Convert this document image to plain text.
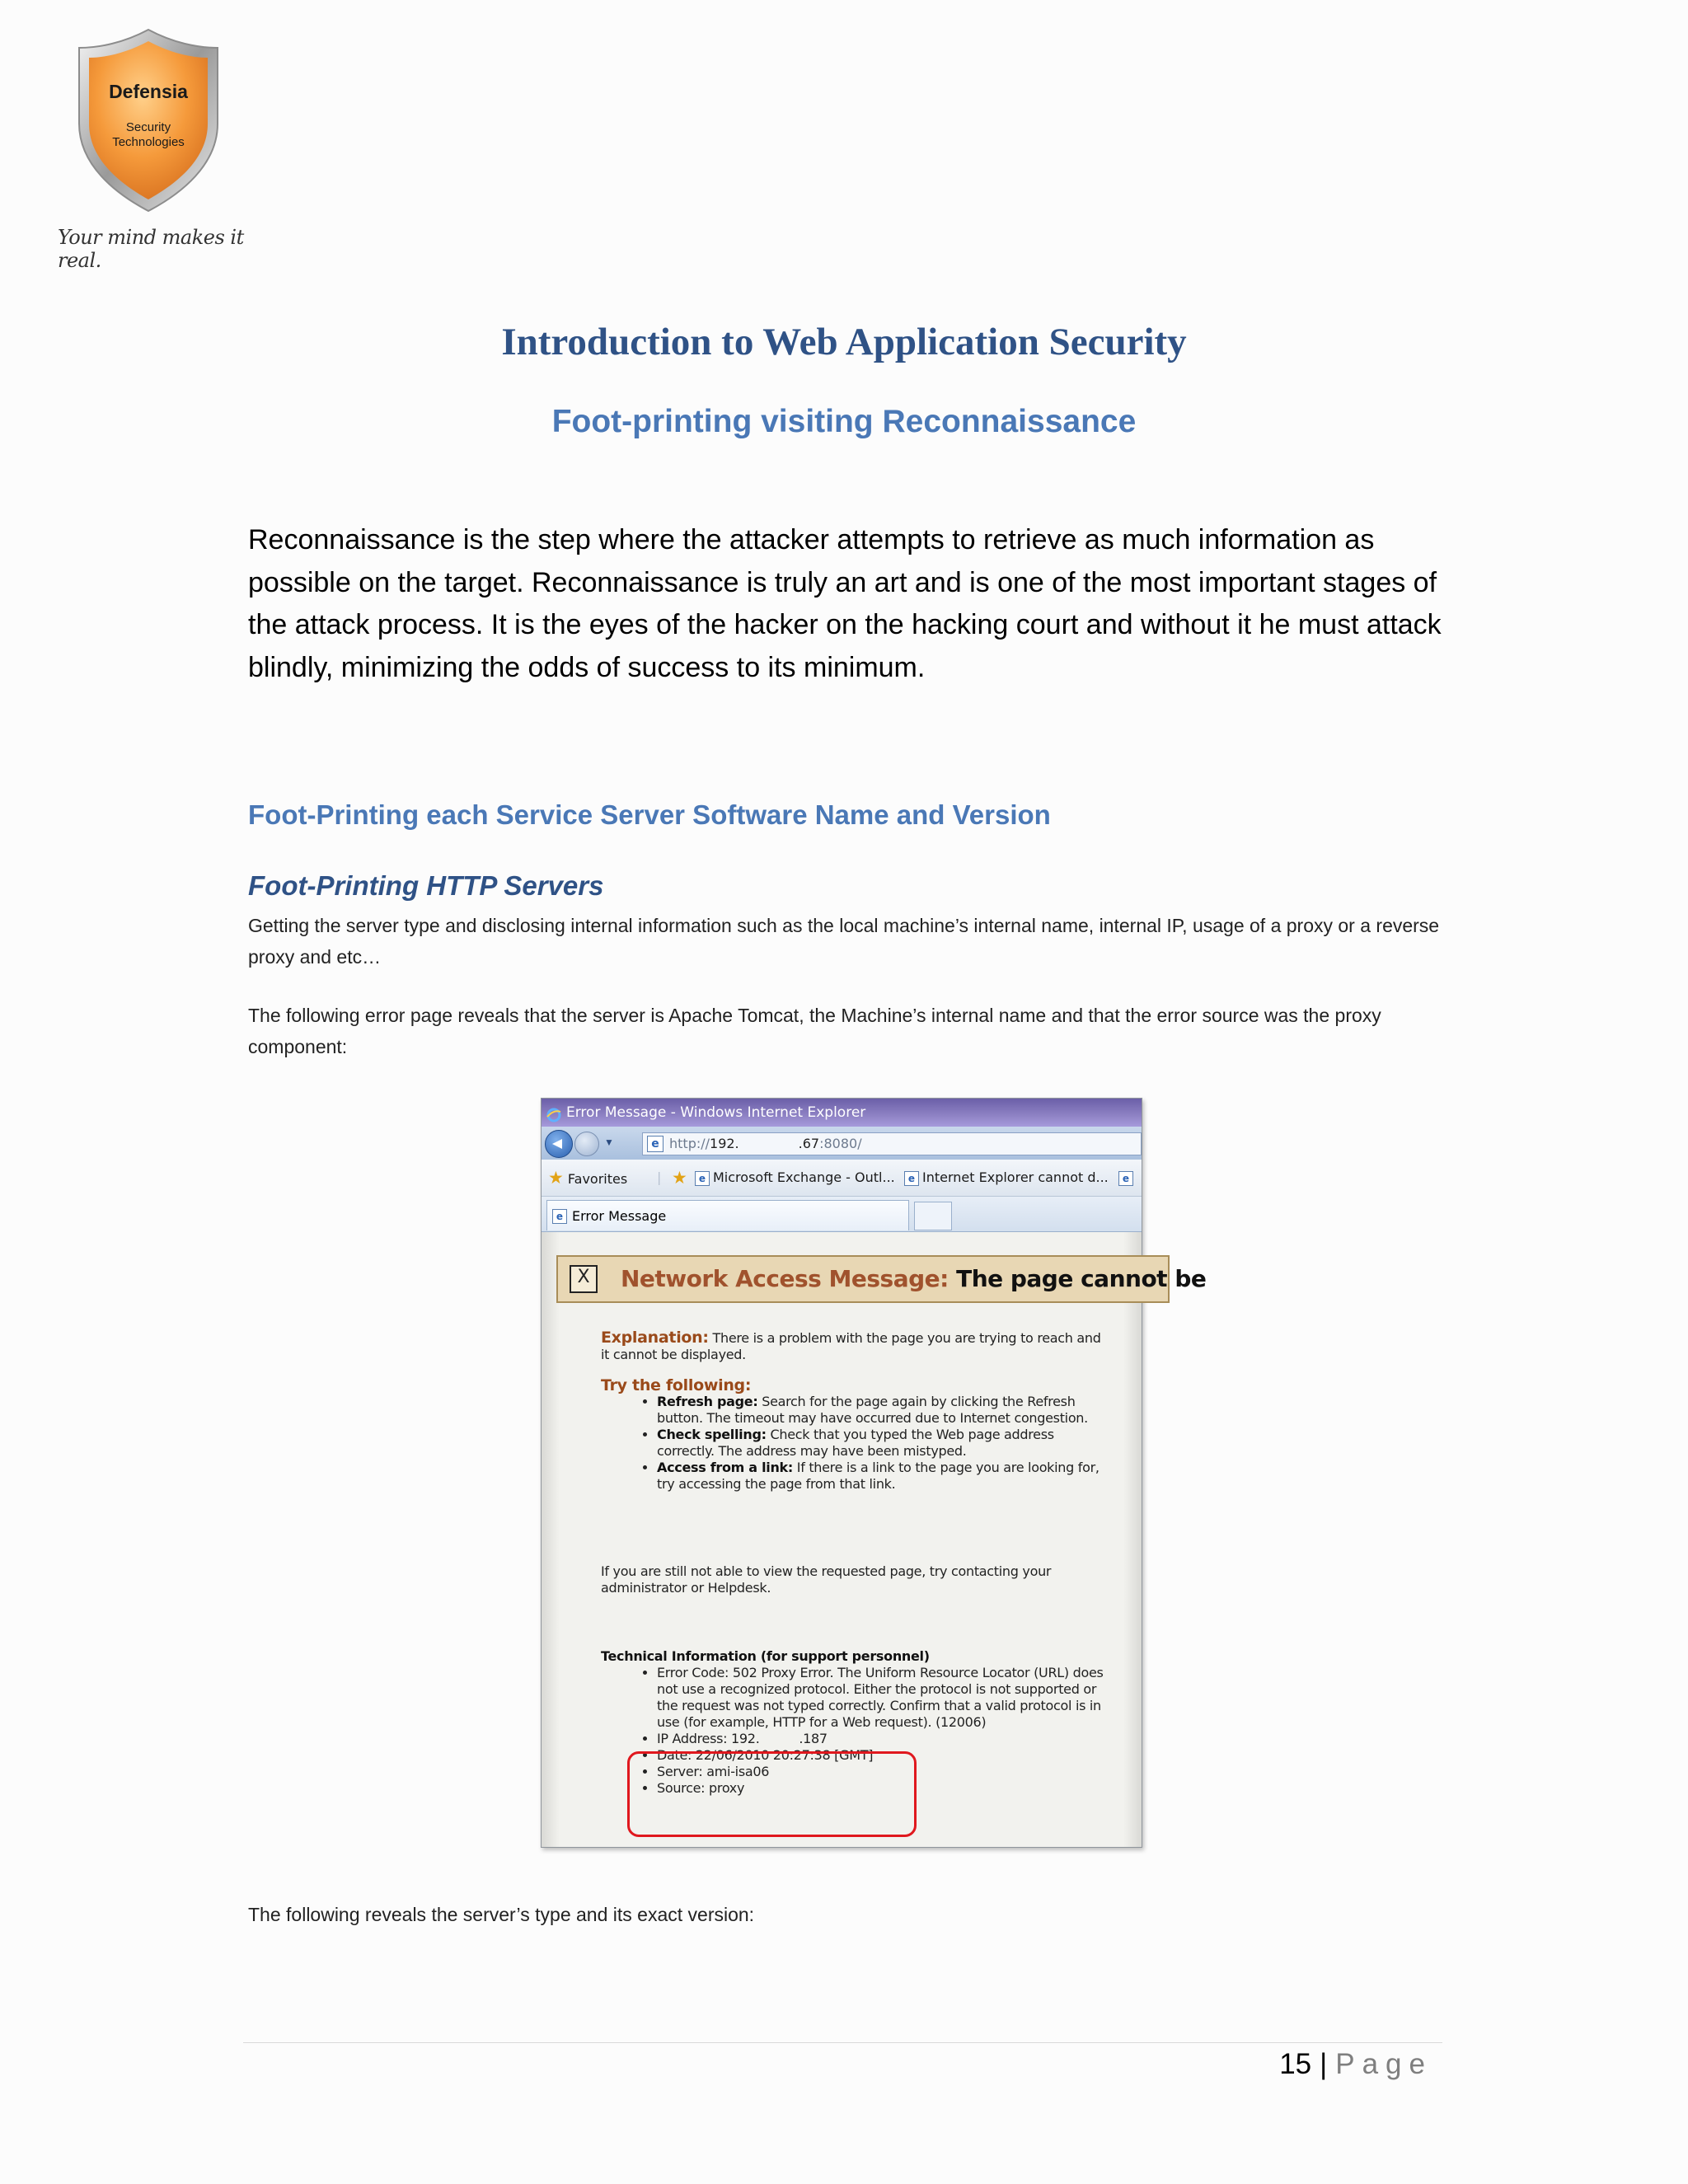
Defensia
Security
Technologies
Your mind makes it real.
Introduction to Web Application Security
Foot-printing visiting Reconnaissance

Reconnaissance is the step where the attacker attempts to retrieve as much information as possible on the target. Reconnaissance is truly an art and is one of the most important stages of the attack process. It is the eyes of the hacker on the hacking court and without it he must attack blindly, minimizing the odds of success to its minimum.

Foot-Printing each Service Server Software Name and Version
Foot-Printing HTTP Servers

Getting the server type and disclosing internal information such as the local machine’s internal name, internal IP, usage of a proxy or a reverse proxy and etc…

The following error page reveals that the server is Apache Tomcat, the Machine’s internal name and that the error source was the proxy component:

Error Message - Windows Internet Explorer
▼	e http://192.	.67:8080/
★ Favorites | ★	e Microsoft Exchange - Outl...	e Internet Explorer cannot d...	e
e Error Message
X	Network Access Message: The page cannot be
Explanation: There is a problem with the page you are trying to reach and it cannot be displayed.
Try the following:
• Refresh page: Search for the page again by clicking the Refresh button. The timeout may have occurred due to Internet congestion.
• Check spelling: Check that you typed the Web page address correctly. The address may have been mistyped.
• Access from a link: If there is a link to the page you are looking for, try accessing the page from that link.
If you are still not able to view the requested page, try contacting your administrator or Helpdesk.
Technical Information (for support personnel)
• Error Code: 502 Proxy Error. The Uniform Resource Locator (URL) does not use a recognized protocol. Either the protocol is not supported or the request was not typed correctly. Confirm that a valid protocol is in use (for example, HTTP for a Web request). (12006)
• IP Address: 192.          .187
• Date: 22/06/2010 20:27:38 [GMT]
• Server: ami-isa06
• Source: proxy

The following reveals the server’s type and its exact version:

15 | Page
